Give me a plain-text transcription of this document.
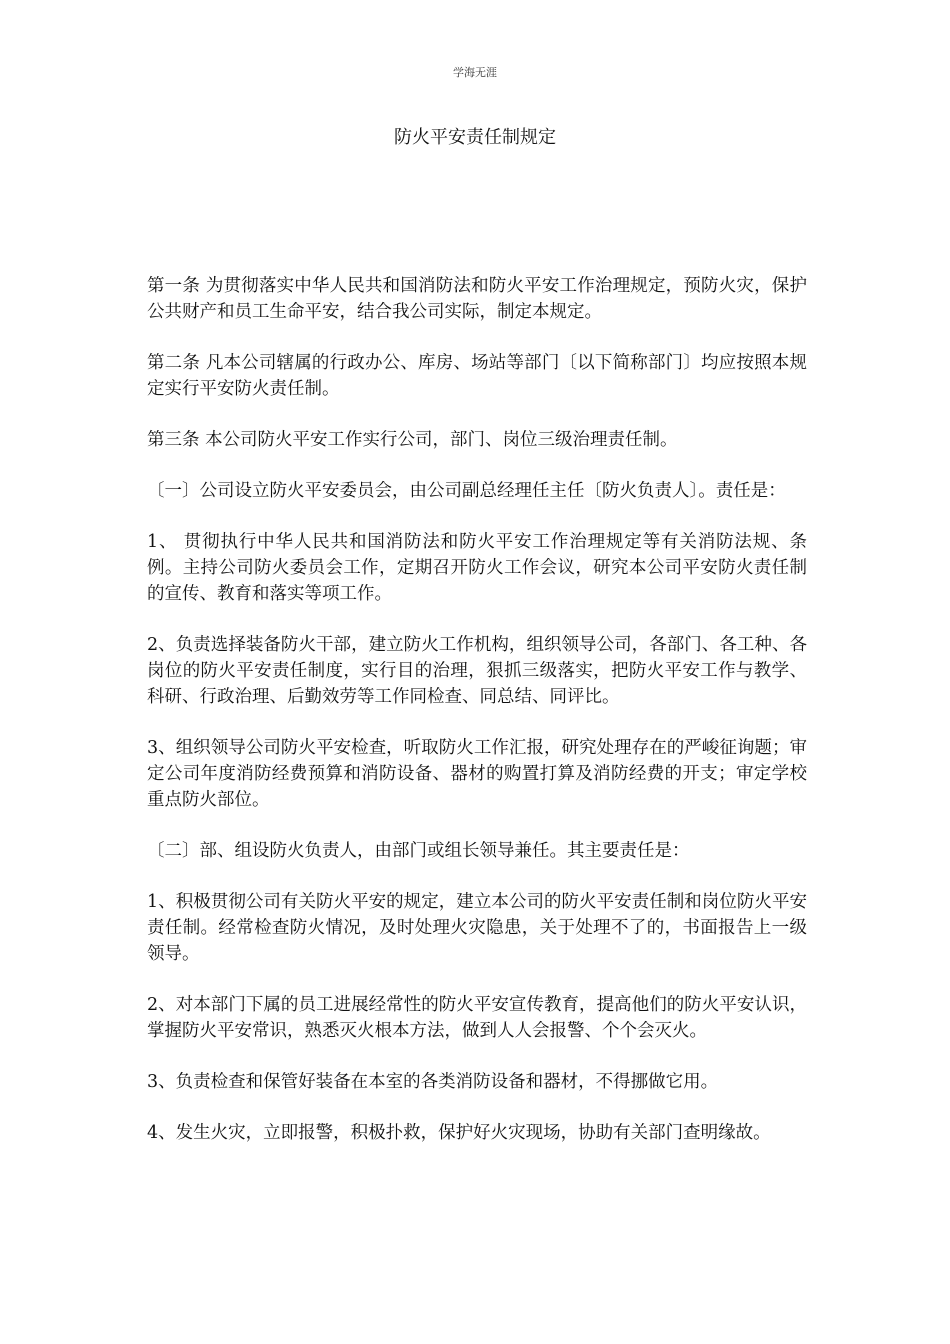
学海无涯
防火平安责任制规定

第一条 为贯彻落实中华人民共和国消防法和防火平安工作治理规定，预防火灾，保护公共财产和员工生命平安，结合我公司实际，制定本规定。

第二条 凡本公司辖属的行政办公、库房、场站等部门〔以下简称部门〕均应按照本规定实行平安防火责任制。

第三条 本公司防火平安工作实行公司，部门、岗位三级治理责任制。

〔一〕公司设立防火平安委员会，由公司副总经理任主任〔防火负责人〕。责任是：

1、 贯彻执行中华人民共和国消防法和防火平安工作治理规定等有关消防法规、条例。主持公司防火委员会工作，定期召开防火工作会议，研究本公司平安防火责任制的宣传、教育和落实等项工作。

2、负责选择装备防火干部，建立防火工作机构，组织领导公司，各部门、各工种、各岗位的防火平安责任制度，实行目的治理，狠抓三级落实，把防火平安工作与教学、科研、行政治理、后勤效劳等工作同检查、同总结、同评比。

3、组织领导公司防火平安检查，听取防火工作汇报，研究处理存在的严峻征询题；审定公司年度消防经费预算和消防设备、器材的购置打算及消防经费的开支；审定学校重点防火部位。

〔二〕部、组设防火负责人，由部门或组长领导兼任。其主要责任是：

1、积极贯彻公司有关防火平安的规定，建立本公司的防火平安责任制和岗位防火平安责任制。经常检查防火情况，及时处理火灾隐患，关于处理不了的，书面报告上一级领导。

2、对本部门下属的员工进展经常性的防火平安宣传教育，提高他们的防火平安认识，掌握防火平安常识，熟悉灭火根本方法，做到人人会报警、个个会灭火。

3、负责检查和保管好装备在本室的各类消防设备和器材，不得挪做它用。

4、发生火灾，立即报警，积极扑救，保护好火灾现场，协助有关部门查明缘故。
